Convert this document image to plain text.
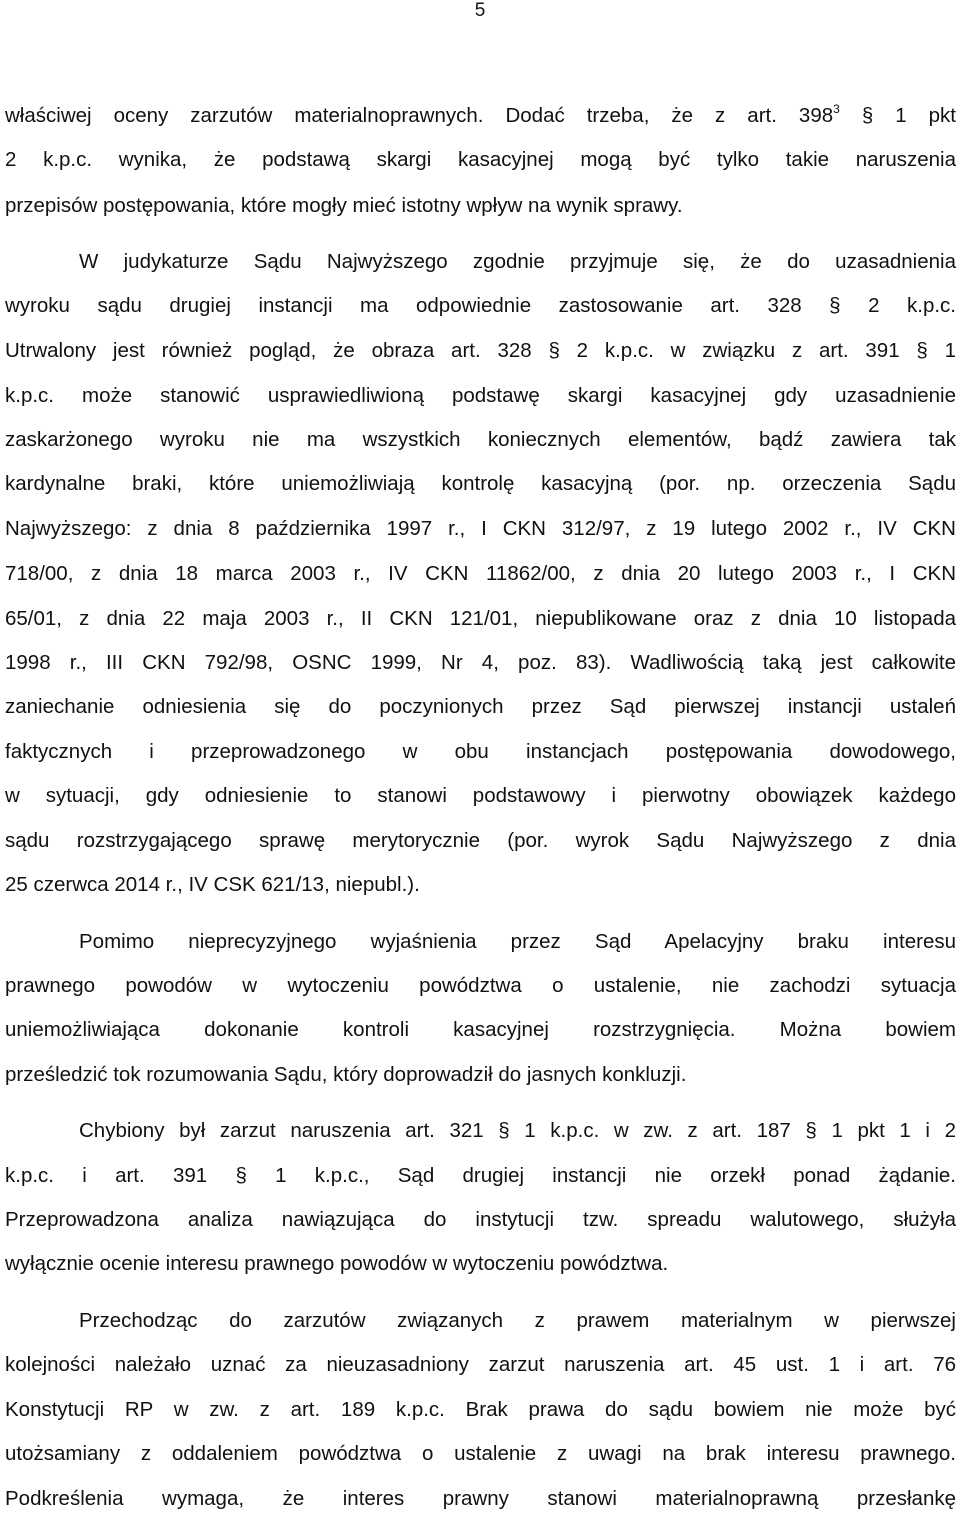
5
właściwej oceny zarzutów materialnoprawnych. Dodać trzeba, że z art. $398^3$ § 1 pkt
2 k.p.c. wynika, że podstawą skargi kasacyjnej mogą być tylko takie naruszenia
przepisów postępowania, które mogły mieć istotny wpływ na wynik sprawy.
W judykaturze Sądu Najwyższego zgodnie przyjmuje się, że do uzasadnienia
wyroku sądu drugiej instancji ma odpowiednie zastosowanie art. 328 § 2 k.p.c.
Utrwalony jest również pogląd, że obraza art. 328 § 2 k.p.c. w związku z art. 391 § 1
k.p.c. może stanowić usprawiedliwioną podstawę skargi kasacyjnej gdy uzasadnienie
zaskarżonego wyroku nie ma wszystkich koniecznych elementów, bądź zawiera tak
kardynalne braki, które uniemożliwiają kontrolę kasacyjną (por. np. orzeczenia Sądu
Najwyższego: z dnia 8 października 1997 r., I CKN 312/97, z 19 lutego 2002 r., IV CKN
718/00, z dnia 18 marca 2003 r., IV CKN 11862/00, z dnia 20 lutego 2003 r., I CKN
65/01, z dnia 22 maja 2003 r., II CKN 121/01, niepublikowane oraz z dnia 10 listopada
1998 r., III CKN 792/98, OSNC 1999, Nr 4, poz. 83). Wadliwością taką jest całkowite
zaniechanie odniesienia się do poczynionych przez Sąd pierwszej instancji ustaleń
faktycznych i przeprowadzonego w obu instancjach postępowania dowodowego,
w sytuacji, gdy odniesienie to stanowi podstawowy i pierwotny obowiązek każdego
sądu rozstrzygającego sprawę merytorycznie (por. wyrok Sądu Najwyższego z dnia
25 czerwca 2014 r., IV CSK 621/13, niepubl.).
Pomimo nieprecyzyjnego wyjaśnienia przez Sąd Apelacyjny braku interesu
prawnego powodów w wytoczeniu powództwa o ustalenie, nie zachodzi sytuacja
uniemożliwiająca dokonanie kontroli kasacyjnej rozstrzygnięcia. Można bowiem
prześledzić tok rozumowania Sądu, który doprowadził do jasnych konkluzji.
Chybiony był zarzut naruszenia art. 321 § 1 k.p.c. w zw. z art. 187 § 1 pkt 1 i 2
k.p.c. i art. 391 § 1 k.p.c., Sąd drugiej instancji nie orzekł ponad żądanie.
Przeprowadzona analiza nawiązująca do instytucji tzw. spreadu walutowego, służyła
wyłącznie ocenie interesu prawnego powodów w wytoczeniu powództwa.
Przechodząc do zarzutów związanych z prawem materialnym w pierwszej
kolejności należało uznać za nieuzasadniony zarzut naruszenia art. 45 ust. 1 i art. 76
Konstytucji RP w zw. z art. 189 k.p.c. Brak prawa do sądu bowiem nie może być
utożsamiany z oddaleniem powództwa o ustalenie z uwagi na brak interesu prawnego.
Podkreślenia wymaga, że interes prawny stanowi materialnoprawną przesłankę
